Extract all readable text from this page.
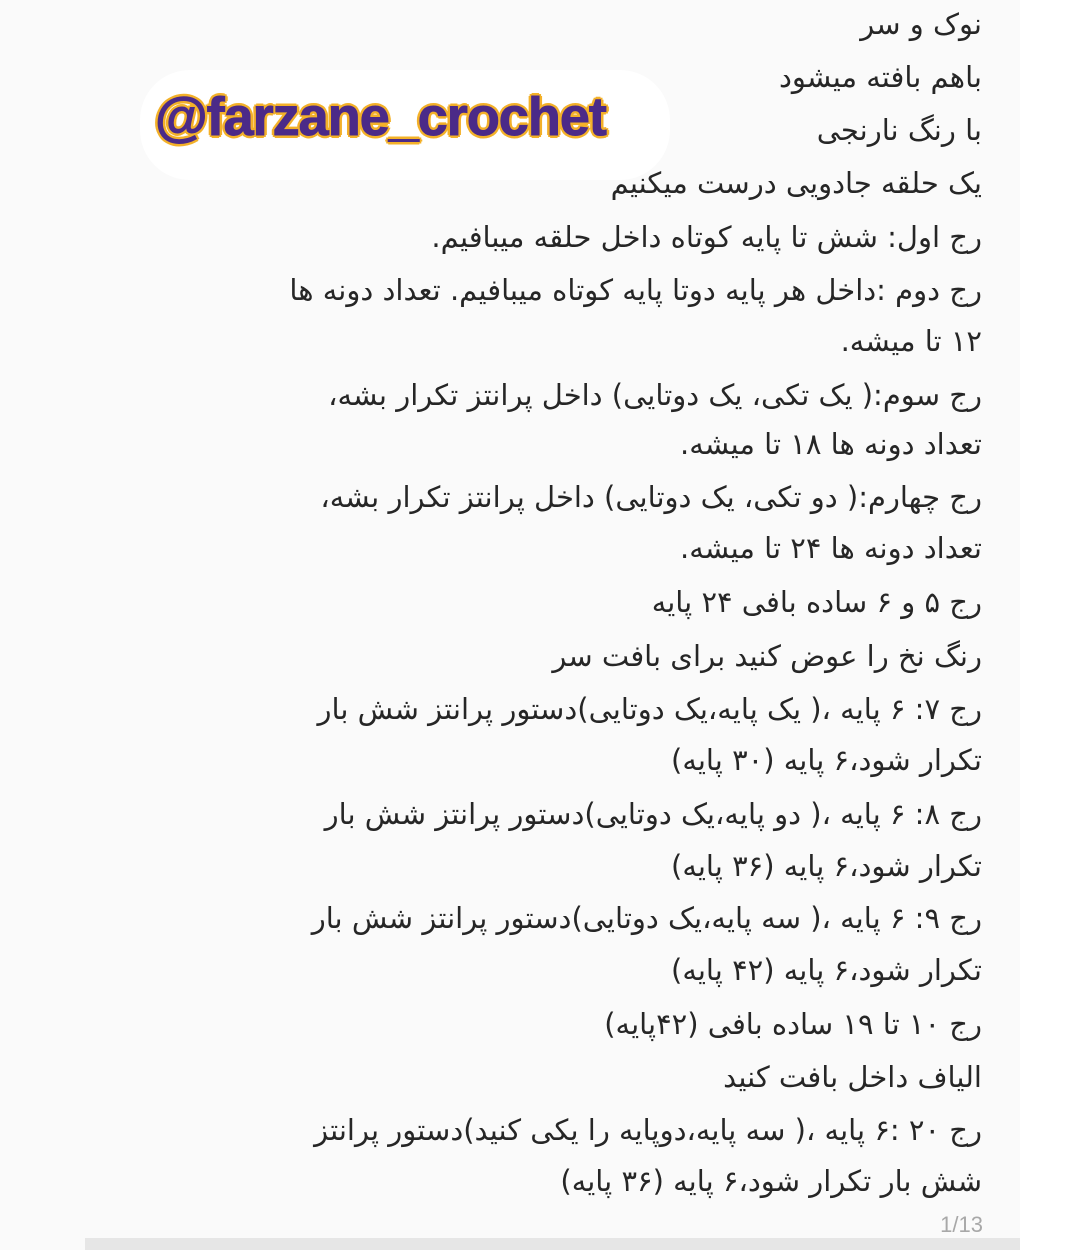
@farzane_crochet
نوک و سر
باهم بافته میشود
با رنگ نارنجی
یک حلقه جادویی درست میکنیم
رج اول: شش تا پایه کوتاه داخل حلقه میبافیم.
رج دوم :داخل هر پایه دوتا پایه کوتاه میبافیم. تعداد دونه ها
۱۲ تا میشه.
رج سوم:( یک تکی، یک دوتایی) داخل پرانتز تکرار بشه،
تعداد دونه ها ۱۸ تا میشه.
رج چهارم:( دو تکی، یک دوتایی) داخل پرانتز تکرار بشه،
تعداد دونه ها ۲۴ تا میشه.
رج ۵ و ۶ ساده بافی ۲۴ پایه
رنگ نخ را عوض کنید برای بافت سر
رج ۷: ۶ پایه ،( یک پایه،یک دوتایی)دستور پرانتز شش بار
تکرار شود،۶ پایه (۳۰ پایه)
رج ۸: ۶ پایه ،( دو پایه،یک دوتایی)دستور پرانتز شش بار
تکرار شود،۶ پایه (۳۶ پایه)
رج ۹: ۶ پایه ،( سه پایه،یک دوتایی)دستور پرانتز شش بار
تکرار شود،۶ پایه (۴۲ پایه)
رج ۱۰ تا ۱۹ ساده بافی (۴۲پایه)
الیاف داخل بافت کنید
رج ۲۰ :۶ پایه ،( سه پایه،دوپایه را یکی کنید)دستور پرانتز
شش بار تکرار شود،۶ پایه (۳۶ پایه)
1/13
